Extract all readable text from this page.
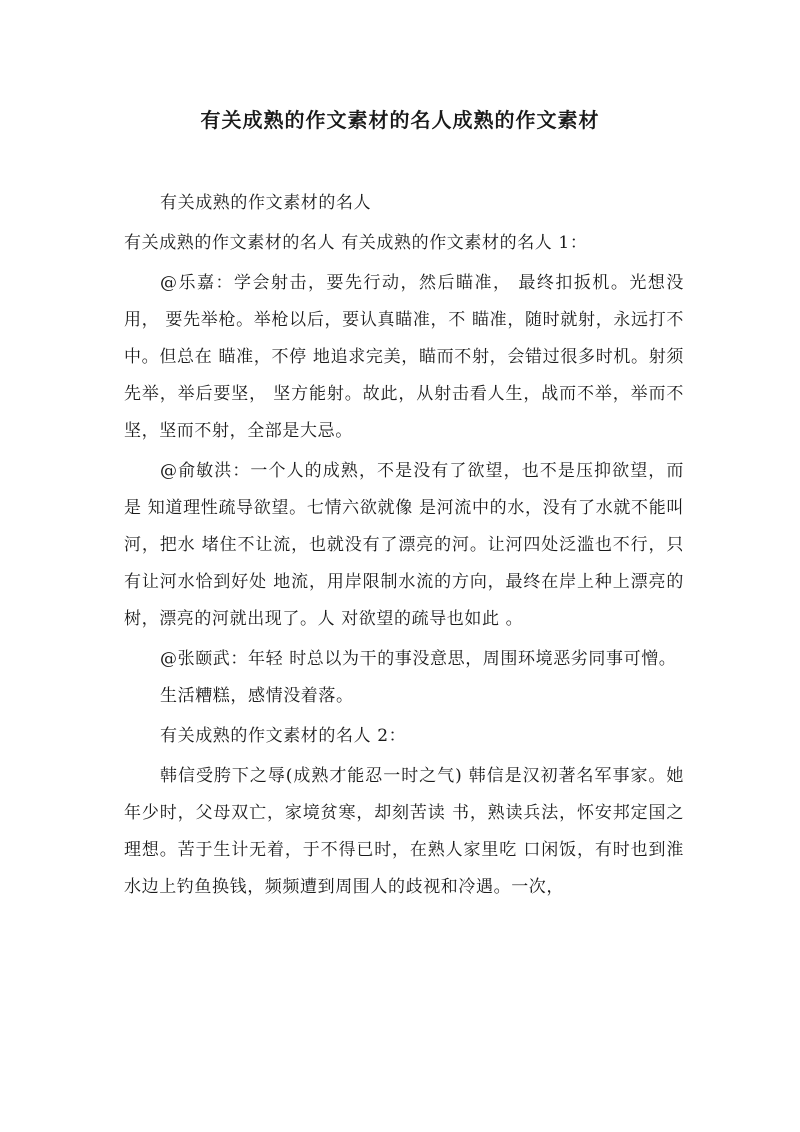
有关成熟的作文素材的名人成熟的作文素材

有关成熟的作文素材的名人

有关成熟的作文素材的名人 有关成熟的作文素材的名人 1：

@乐嘉：学会射击，要先行动，然后瞄准， 最终扣扳机。光想没用， 要先举枪。举枪以后，要认真瞄准，不 瞄准，随时就射，永远打不中。但总在 瞄准，不停 地追求完美，瞄而不射，会错过很多时机。射须先举，举后要坚， 坚方能射。故此，从射击看人生，战而不举，举而不坚，坚而不射，全部是大忌。

@俞敏洪：一个人的成熟，不是没有了欲望，也不是压抑欲望，而是 知道理性疏导欲望。七情六欲就像 是河流中的水，没有了水就不能叫河，把水 堵住不让流，也就没有了漂亮的河。让河四处泛滥也不行，只有让河水恰到好处 地流，用岸限制水流的方向，最终在岸上种上漂亮的树，漂亮的河就出现了。人 对欲望的疏导也如此 。

@张颐武：年轻 时总以为干的事没意思，周围环境恶劣同事可憎。

生活糟糕，感情没着落。

有关成熟的作文素材的名人 2：

韩信受胯下之辱(成熟才能忍一时之气) 韩信是汉初著名军事家。她年少时，父母双亡，家境贫寒，却刻苦读 书，熟读兵法，怀安邦定国之理想。苦于生计无着，于不得已时，在熟人家里吃 口闲饭，有时也到淮水边上钓鱼换钱，频频遭到周围人的歧视和冷遇。一次，
